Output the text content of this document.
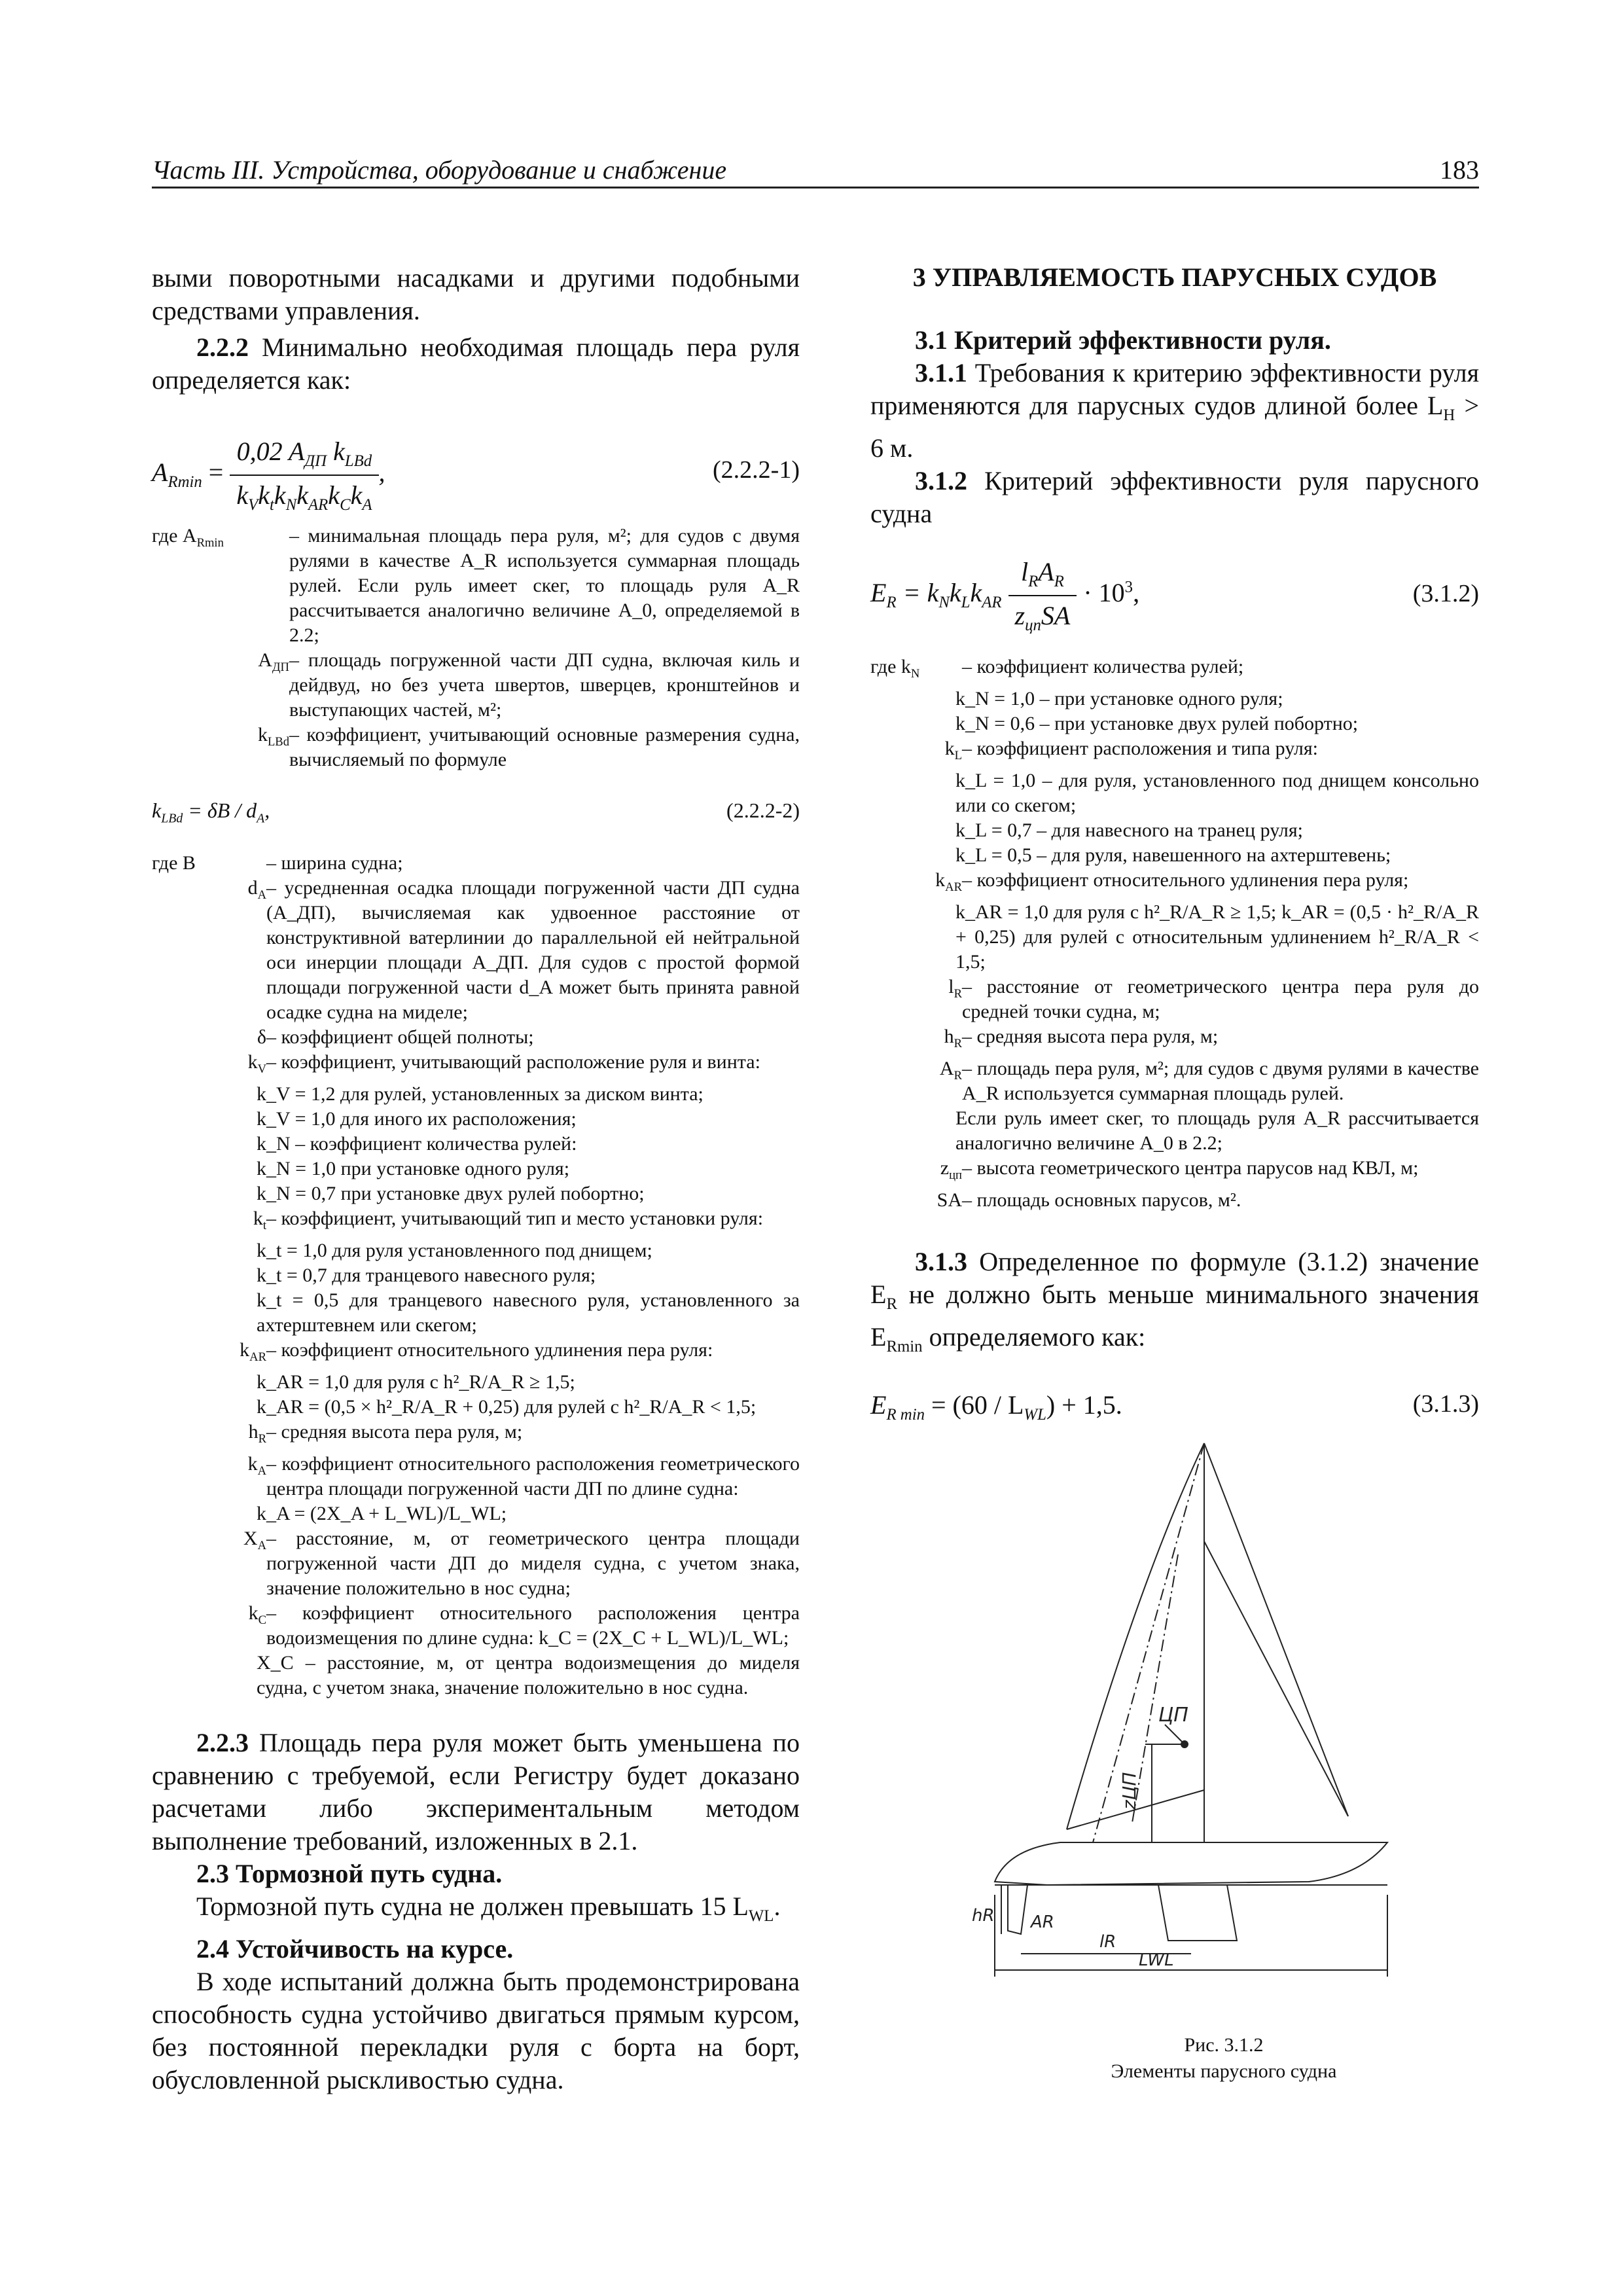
Часть III. Устройства, оборудование и снабжение	183

выми поворотными насадками и другими подобными средствами управления.

2.2.2 Минимально необходимая площадь пера руля определяется как:

$A_{Rmin} = \frac{0,02 A_{ДП} k_{LBd}}{k_Vk_tk_Nk_{AR}k_Ck_A}$ ,	(2.2.2-1)
где $A_{Rmin}$	– минимальная площадь пера руля, м²; для судов с двумя рулями в качестве A_R используется суммарная площадь рулей. Если руль имеет скег, то площадь руля A_R рассчитывается аналогично величине A_0, определяемой в 2.2;
$A_{ДП}$ – площадь погруженной части ДП судна, включая киль и дейдвуд, но без учета швертов, шверцев, кронштейнов и выступающих частей, м²;
$k_{LBd}$ – коэффициент, учитывающий основные размерения судна, вычисляемый по формуле
$k_{LBd} = \delta B / d_A$,	(2.2.2-2)
где B	– ширина судна;
$d_A$ – усредненная осадка площади погруженной части ДП судна (A_ДП), вычисляемая как удвоенное расстояние от конструктивной ватерлинии до параллельной ей нейтральной оси инерции площади A_ДП. Для судов с простой формой площади погруженной части d_A может быть принята равной осадке судна на миделе;
δ – коэффициент общей полноты;
$k_V$ – коэффициент, учитывающий расположение руля и винта:
k_V = 1,2 для рулей, установленных за диском винта;
k_V = 1,0 для иного их расположения;
k_N – коэффициент количества рулей:
k_N = 1,0 при установке одного руля;
k_N = 0,7 при установке двух рулей побортно;
$k_t$ – коэффициент, учитывающий тип и место установки руля:
k_t = 1,0 для руля установленного под днищем;
k_t = 0,7 для транцевого навесного руля;
k_t = 0,5 для транцевого навесного руля, установленного за ахтерштевнем или скегом;
$k_{AR}$ – коэффициент относительного удлинения пера руля:
k_AR = 1,0 для руля с h²_R/A_R ≥ 1,5;
k_AR = (0,5 × h²_R/A_R + 0,25) для рулей с h²_R/A_R < 1,5;
$h_R$ – средняя высота пера руля, м;
$k_A$ – коэффициент относительного расположения геометрического центра площади погруженной части ДП по длине судна:
k_A = (2X_A + L_WL)/L_WL;
$X_A$ – расстояние, м, от геометрического центра площади погруженной части ДП до миделя судна, с учетом знака, значение положительно в нос судна;
$k_C$ – коэффициент относительного расположения центра водоизмещения по длине судна: k_C = (2X_C + L_WL)/L_WL;
X_C – расстояние, м, от центра водоизмещения до миделя судна, с учетом знака, значение положительно в нос судна.

2.2.3 Площадь пера руля может быть уменьшена по сравнению с требуемой, если Регистру будет доказано расчетами либо экспериментальным методом выполнение требований, изложенных в 2.1.

2.3 Тормозной путь судна.

Тормозной путь судна не должен превышать 15 $L_{WL}$.

2.4 Устойчивость на курсе.

В ходе испытаний должна быть продемонстрирована способность судна устойчиво двигаться прямым курсом, без постоянной перекладки руля с борта на борт, обусловленной рыскливостью судна.

3 УПРАВЛЯЕМОСТЬ ПАРУСНЫХ СУДОВ

3.1 Критерий эффективности руля.

3.1.1 Требования к критерию эффективности руля применяются для парусных судов длиной более $L_H > 6$ м.

3.1.2 Критерий эффективности руля парусного судна

$E_R = k_Nk_Lk_{AR} \frac{l_RA_R}{z_{цп}SA} \cdot 10^3$,	(3.1.2)
где $k_N$	– коэффициент количества рулей;
k_N = 1,0 – при установке одного руля;
k_N = 0,6 – при установке двух рулей побортно;
$k_L$ – коэффициент расположения и типа руля:
k_L = 1,0 – для руля, установленного под днищем консольно или со скегом;
k_L = 0,7 – для навесного на транец руля;
k_L = 0,5 – для руля, навешенного на ахтерштевень;
$k_{AR}$ – коэффициент относительного удлинения пера руля;
k_AR = 1,0 для руля с h²_R/A_R ≥ 1,5; k_AR = (0,5 · h²_R/A_R + 0,25) для рулей с относительным удлинением h²_R/A_R < 1,5;
$l_R$ – расстояние от геометрического центра пера руля до средней точки судна, м;
$h_R$ – средняя высота пера руля, м;
$A_R$ – площадь пера руля, м²; для судов с двумя рулями в качестве A_R используется суммарная площадь рулей.
Если руль имеет скег, то площадь руля A_R рассчитывается аналогично величине A_0 в 2.2;
$z_{цп}$ – высота геометрического центра парусов над КВЛ, м;
SA – площадь основных парусов, м².

3.1.3 Определенное по формуле (3.1.2) значение $E_R$ не должно быть меньше минимального значения $E_{Rmin}$ определяемого как:

$E_{R min} = (60 / L_{WL}) + 1,5$.	(3.1.3)
ЦП
zЦП
hR AR
lR
LWL
Рис. 3.1.2
Элементы парусного судна
